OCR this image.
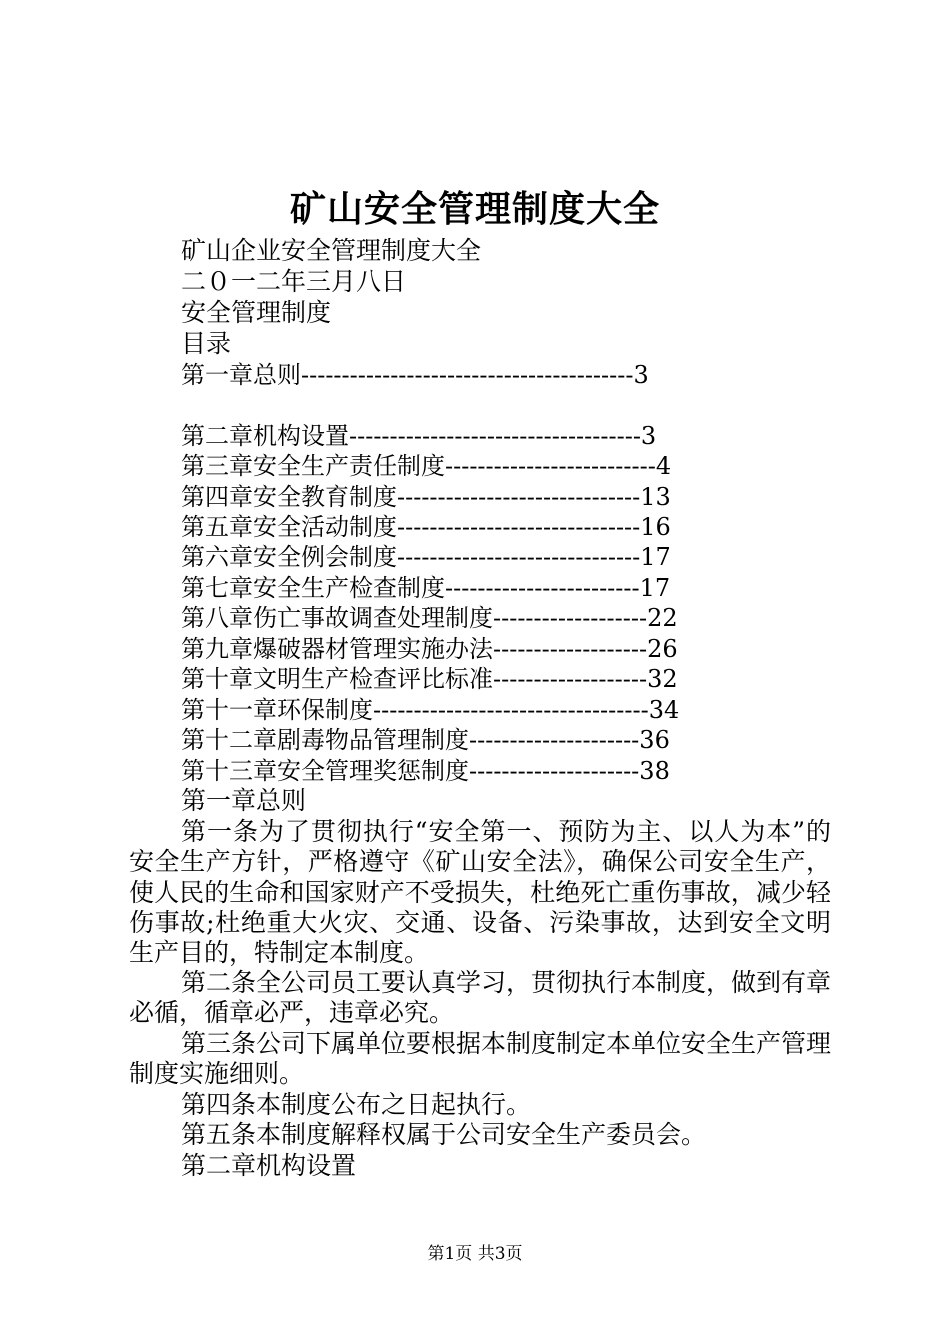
矿山安全管理制度大全
矿山企业安全管理制度大全
二０一二年三月八日
安全管理制度
目录
第一章总则-----------------------------------------3
第二章机构设置------------------------------------3
第三章安全生产责任制度--------------------------4
第四章安全教育制度------------------------------13
第五章安全活动制度------------------------------16
第六章安全例会制度------------------------------17
第七章安全生产检查制度------------------------17
第八章伤亡事故调查处理制度-------------------22
第九章爆破器材管理实施办法-------------------26
第十章文明生产检查评比标准-------------------32
第十一章环保制度----------------------------------34
第十二章剧毒物品管理制度---------------------36
第十三章安全管理奖惩制度---------------------38
第一章总则
第一条为了贯彻执行“安全第一、预防为主、以人为本”的安全生产方针，严格遵守《矿山安全法》，确保公司安全生产，使人民的生命和国家财产不受损失，杜绝死亡重伤事故，减少轻伤事故;杜绝重大火灾、交通、设备、污染事故，达到安全文明生产目的，特制定本制度。
第二条全公司员工要认真学习，贯彻执行本制度，做到有章必循，循章必严，违章必究。
第三条公司下属单位要根据本制度制定本单位安全生产管理制度实施细则。
第四条本制度公布之日起执行。
第五条本制度解释权属于公司安全生产委员会。
第二章机构设置
第1页 共3页
